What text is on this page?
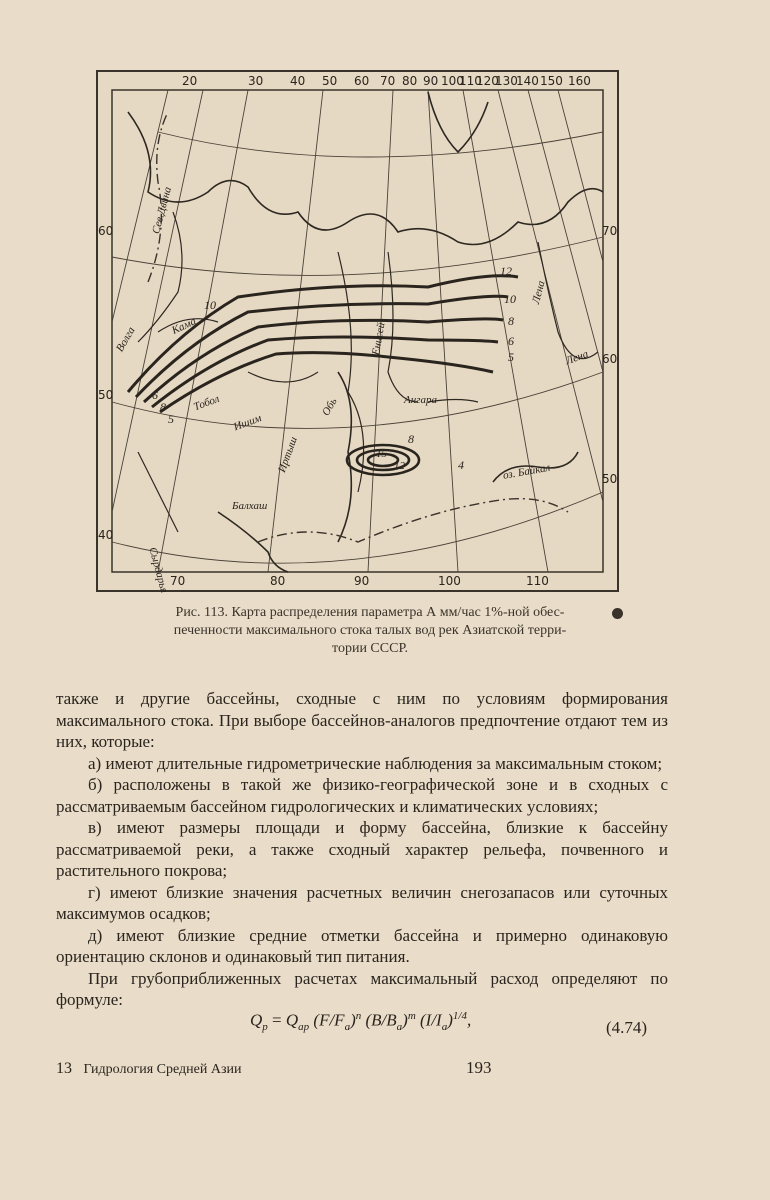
20	30 40 50 60 70 80 90 100
110
120
130
140 150 160
70	80	90	100	110
60
50
40
70
60
50
Сев.Двина
Волга	Кама
Тобол
Ишим
Иртыш
Обь
Енисей
Ангара
Лена
Лена
Сырдарья
Балхаш
оз. Байкал
12
10
8
6
5
10
6
8
5
8
15
12	4
Рис. 113. Карта распределения параметра А мм/час 1%-ной обес-
печенности максимального стока талых вод рек Азиатской терри-
тории СССР.

также и другие бассейны, сходные с ним по условиям формирования максимального стока. При выборе бассейнов-аналогов предпочтение отдают тем из них, которые:

а) имеют длительные гидрометрические наблюдения за максимальным стоком;

б) расположены в такой же физико-географической зоне и в сходных с рассматриваемым бассейном гидрологических и климатических условиях;

в) имеют размеры площади и форму бассейна, близкие к бассейну рассматриваемой реки, а также сходный характер рельефа, почвенного и растительного покрова;

г) имеют близкие значения расчетных величин снегозапасов или суточных максимумов осадков;

д) имеют близкие средние отметки бассейна и примерно одинаковую ориентацию склонов и одинаковый тип питания.

При грубоприближенных расчетах максимальный расход определяют по формуле:

$Q_p = Q_{ap}$ $(F/F_a)^n$ $(B/B_a)^m$ $(I/I_a)^{1/4}$,	(4.74)
13 Гидрология Средней Азии	193
